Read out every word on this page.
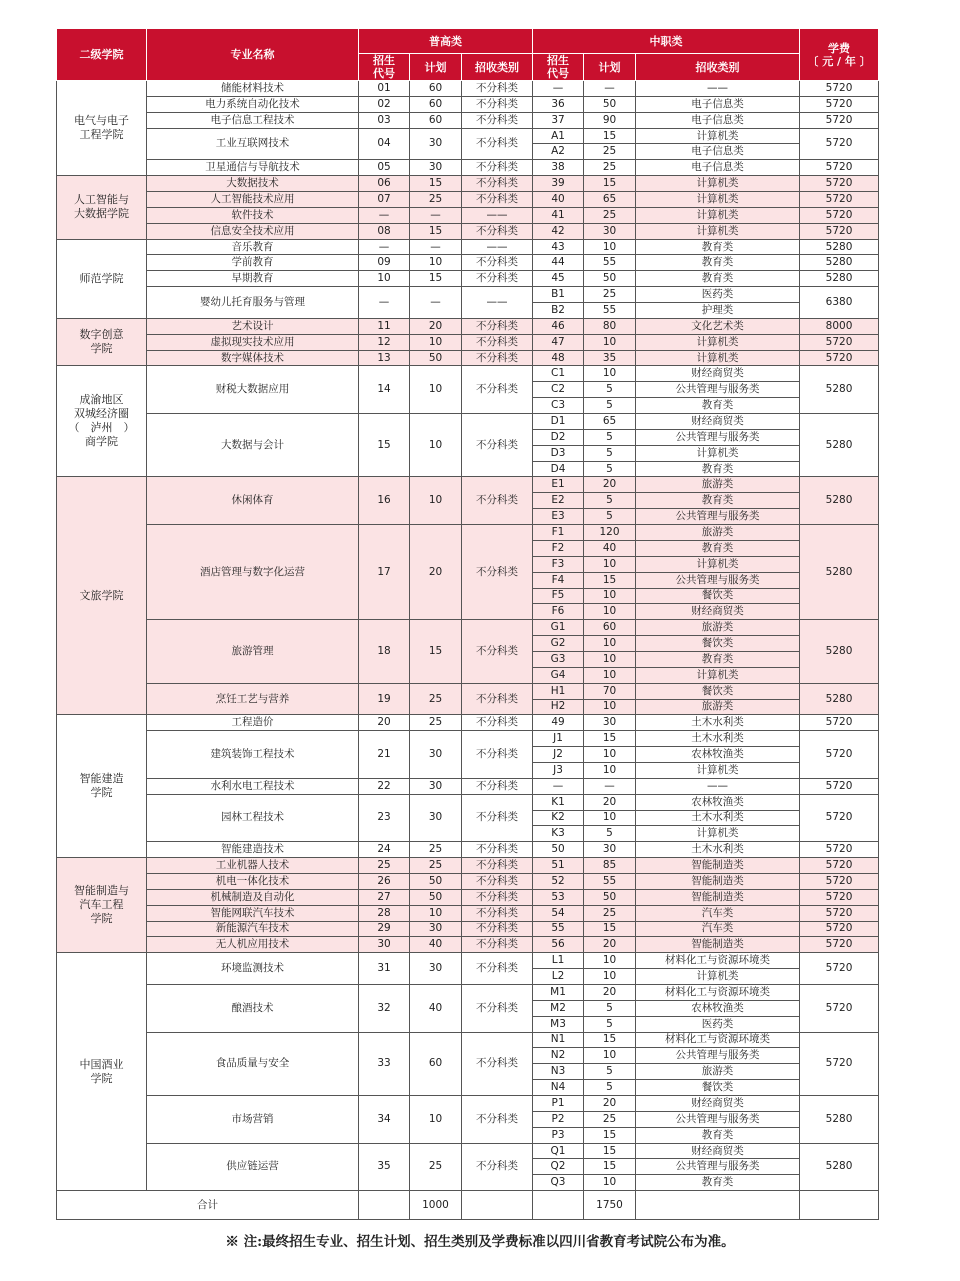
二级学院	专业名称	普高类			中职类			学费
〔 元 / 年 〕
		招生
代号	计划	招收类别	招生
代号	计划	招收类别	
电气与电子
工程学院	储能材料技术	01	60	不分科类	—	—	——	5720
	电力系统自动化技术	02	60	不分科类	36	50	电子信息类	5720
	电子信息工程技术	03	60	不分科类	37	90	电子信息类	5720
	工业互联网技术	04	30	不分科类	A1	15	计算机类	5720
					A2	25	电子信息类	
	卫星通信与导航技术	05	30	不分科类	38	25	电子信息类	5720
人工智能与
大数据学院	大数据技术	06	15	不分科类	39	15	计算机类	5720
	人工智能技术应用	07	25	不分科类	40	65	计算机类	5720
	软件技术	—	—	——	41	25	计算机类	5720
	信息安全技术应用	08	15	不分科类	42	30	计算机类	5720
师范学院	音乐教育	—	—	——	43	10	教育类	5280
	学前教育	09	10	不分科类	44	55	教育类	5280
	早期教育	10	15	不分科类	45	50	教育类	5280
	婴幼儿托育服务与管理	—	—	——	B1	25	医药类	6380
					B2	55	护理类	
数字创意
学院	艺术设计	11	20	不分科类	46	80	文化艺术类	8000
	虚拟现实技术应用	12	10	不分科类	47	10	计算机类	5720
	数字媒体技术	13	50	不分科类	48	35	计算机类	5720
成渝地区
双城经济圈
（　泸州　）
商学院	财税大数据应用	14	10	不分科类	C1	10	财经商贸类	5280
					C2	5	公共管理与服务类	
					C3	5	教育类	
	大数据与会计	15	10	不分科类	D1	65	财经商贸类	5280
					D2	5	公共管理与服务类	
					D3	5	计算机类	
					D4	5	教育类	
文旅学院	休闲体育	16	10	不分科类	E1	20	旅游类	5280
					E2	5	教育类	
					E3	5	公共管理与服务类	
	酒店管理与数字化运营	17	20	不分科类	F1	120	旅游类	5280
					F2	40	教育类	
					F3	10	计算机类	
					F4	15	公共管理与服务类	
					F5	10	餐饮类	
					F6	10	财经商贸类	
	旅游管理	18	15	不分科类	G1	60	旅游类	5280
					G2	10	餐饮类	
					G3	10	教育类	
					G4	10	计算机类	
	烹饪工艺与营养	19	25	不分科类	H1	70	餐饮类	5280
					H2	10	旅游类	
智能建造
学院	工程造价	20	25	不分科类	49	30	土木水利类	5720
	建筑装饰工程技术	21	30	不分科类	J1	15	土木水利类	5720
					J2	10	农林牧渔类	
					J3	10	计算机类	
	水利水电工程技术	22	30	不分科类	—	—	——	5720
	园林工程技术	23	30	不分科类	K1	20	农林牧渔类	5720
					K2	10	土木水利类	
					K3	5	计算机类	
	智能建造技术	24	25	不分科类	50	30	土木水利类	5720
智能制造与
汽车工程
学院	工业机器人技术	25	25	不分科类	51	85	智能制造类	5720
	机电一体化技术	26	50	不分科类	52	55	智能制造类	5720
	机械制造及自动化	27	50	不分科类	53	50	智能制造类	5720
	智能网联汽车技术	28	10	不分科类	54	25	汽车类	5720
	新能源汽车技术	29	30	不分科类	55	15	汽车类	5720
	无人机应用技术	30	40	不分科类	56	20	智能制造类	5720
中国酒业
学院	环境监测技术	31	30	不分科类	L1	10	材料化工与资源环境类	5720
					L2	10	计算机类	
	酿酒技术	32	40	不分科类	M1	20	材料化工与资源环境类	5720
					M2	5	农林牧渔类	
					M3	5	医药类	
	食品质量与安全	33	60	不分科类	N1	15	材料化工与资源环境类	5720
					N2	10	公共管理与服务类	
					N3	5	旅游类	
					N4	5	餐饮类	
	市场营销	34	10	不分科类	P1	20	财经商贸类	5280
					P2	25	公共管理与服务类	
					P3	15	教育类	
	供应链运营	35	25	不分科类	Q1	15	财经商贸类	5280
					Q2	15	公共管理与服务类	
					Q3	10	教育类	
合计			1000			1750		
※ 注:最终招生专业、招生计划、招生类别及学费标准以四川省教育考试院公布为准。
